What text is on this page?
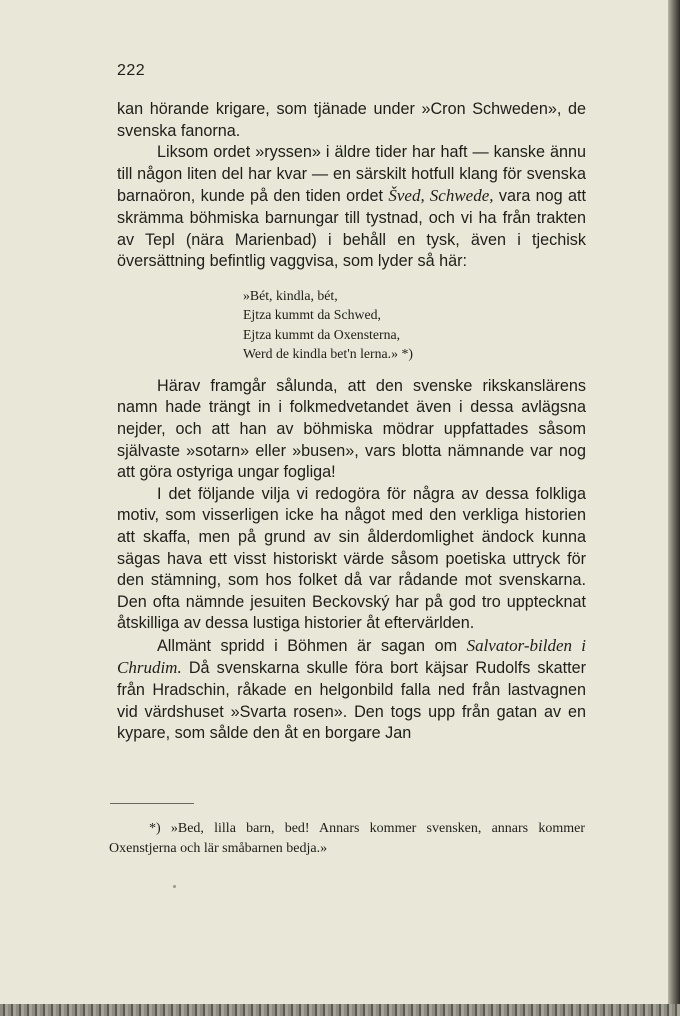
222

kan hörande krigare, som tjänade under »Cron Schweden», de svenska fanorna.

Liksom ordet »ryssen» i äldre tider har haft — kanske ännu till någon liten del har kvar — en särskilt hotfull klang för svenska barnaöron, kunde på den tiden ordet Šved, Schwede, vara nog att skrämma böhmiska barnungar till tystnad, och vi ha från trakten av Tepl (nära Marienbad) i behåll en tysk, även i tjechisk översättning befintlig vaggvisa, som lyder så här:
»Bét, kindla, bét,
Ejtza kummt da Schwed,
Ejtza kummt da Oxensterna,
Werd de kindla bet'n lerna.» *)
Härav framgår sålunda, att den svenske rikskanslärens namn hade trängt in i folkmedvetandet även i dessa avlägsna nejder, och att han av böhmiska mödrar uppfattades såsom självaste »sotarn» eller »busen», vars blotta nämnande var nog att göra ostyriga ungar fogliga!
I det följande vilja vi redogöra för några av dessa folkliga motiv, som visserligen icke ha något med den verkliga historien att skaffa, men på grund av sin ålderdomlighet ändock kunna sägas hava ett visst historiskt värde såsom poetiska uttryck för den stämning, som hos folket då var rådande mot svenskarna. Den ofta nämnde jesuiten Beckovský har på god tro upptecknat åtskilliga av dessa lustiga historier åt eftervärlden.
Allmänt spridd i Böhmen är sagan om Salvator-bilden i Chrudim. Då svenskarna skulle föra bort käjsar Rudolfs skatter från Hradschin, råkade en helgonbild falla ned från lastvagnen vid värdshuset »Svarta rosen». Den togs upp från gatan av en kypare, som sålde den åt en borgare Jan
*) »Bed, lilla barn, bed! Annars kommer svensken, annars kommer Oxenstjerna och lär småbarnen bedja.»
